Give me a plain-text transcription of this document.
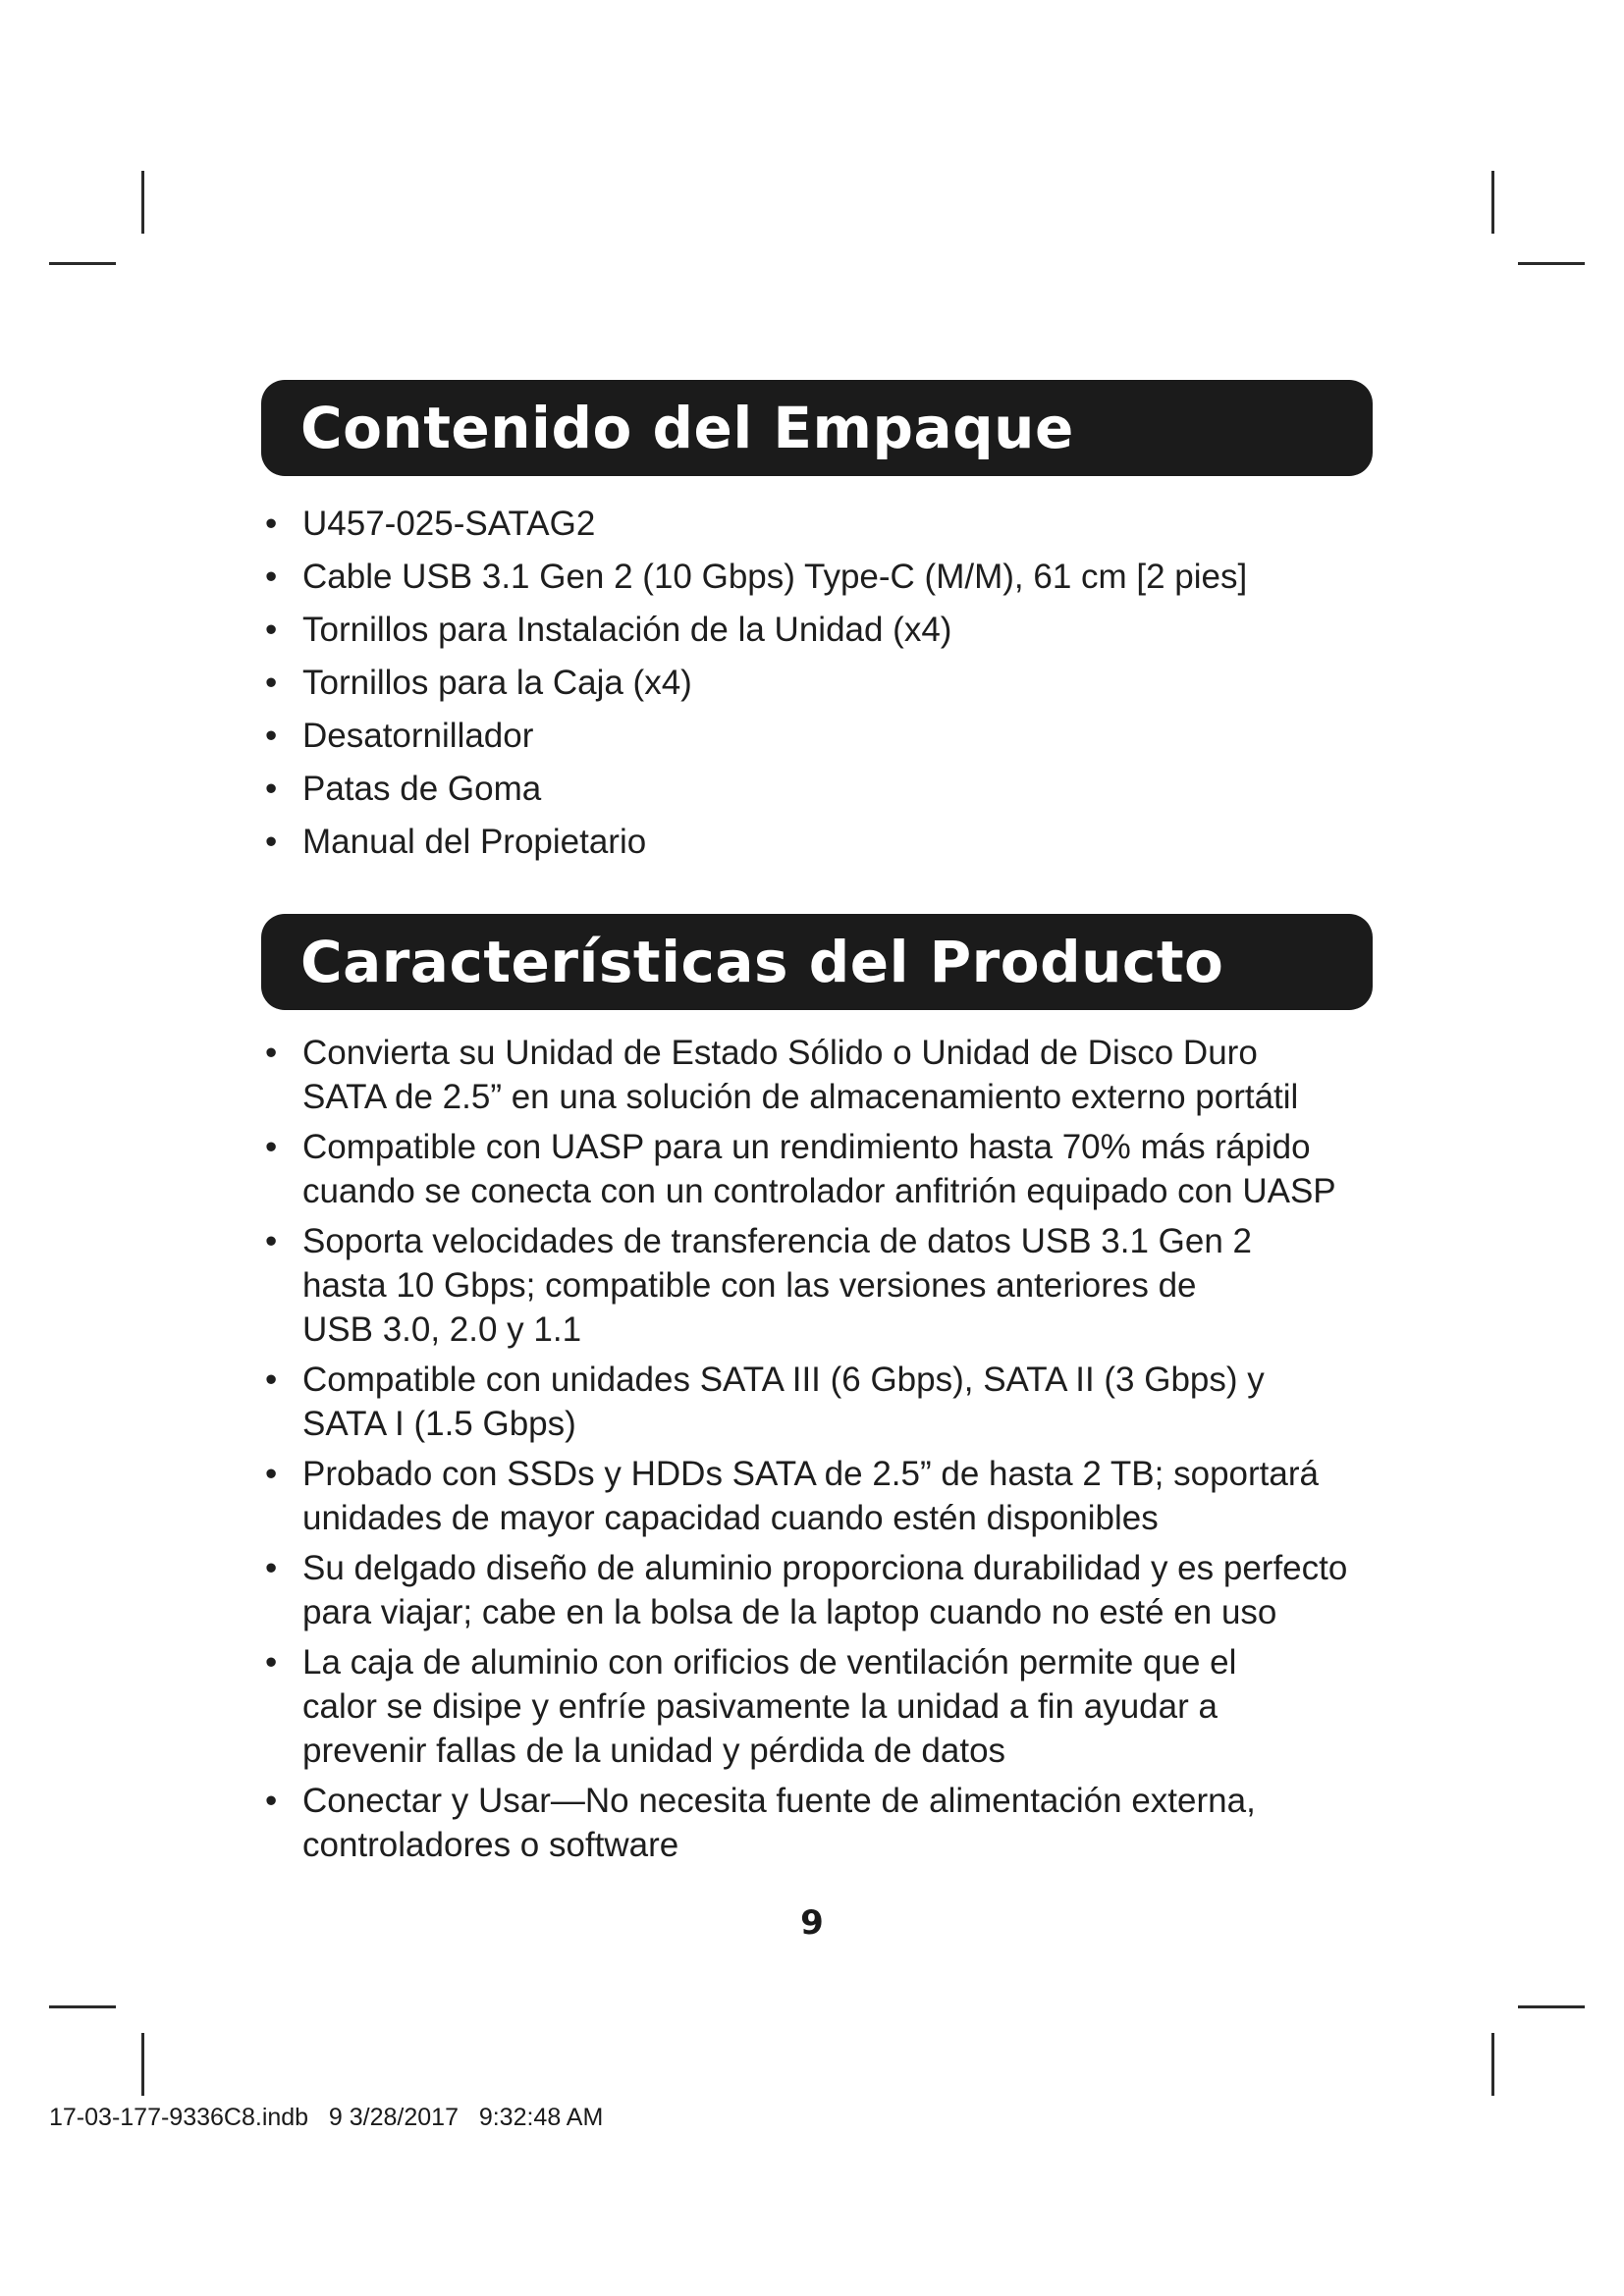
Contenido del Empaque
• U457-025-SATAG2
• Cable USB 3.1 Gen 2 (10 Gbps) Type-C (M/M), 61 cm [2 pies]
• Tornillos para Instalación de la Unidad (x4)
• Tornillos para la Caja (x4)
• Desatornillador
• Patas de Goma
• Manual del Propietario
Características del Producto
• Convierta su Unidad de Estado Sólido o Unidad de Disco Duro
SATA de 2.5” en una solución de almacenamiento externo portátil
• Compatible con UASP para un rendimiento hasta 70% más rápido
cuando se conecta con un controlador anfitrión equipado con UASP
• Soporta velocidades de transferencia de datos USB 3.1 Gen 2
hasta 10 Gbps; compatible con las versiones anteriores de
USB 3.0, 2.0 y 1.1
• Compatible con unidades SATA III (6 Gbps), SATA II (3 Gbps) y
SATA I (1.5 Gbps)
• Probado con SSDs y HDDs SATA de 2.5” de hasta 2 TB; soportará
unidades de mayor capacidad cuando estén disponibles
• Su delgado diseño de aluminio proporciona durabilidad y es perfecto
para viajar; cabe en la bolsa de la laptop cuando no esté en uso
• La caja de aluminio con orificios de ventilación permite que el
calor se disipe y enfríe pasivamente la unidad a fin ayudar a
prevenir fallas de la unidad y pérdida de datos
• Conectar y Usar—No necesita fuente de alimentación externa,
controladores o software
9
17-03-177-9336C8.indb   9 3/28/2017   9:32:48 AM
